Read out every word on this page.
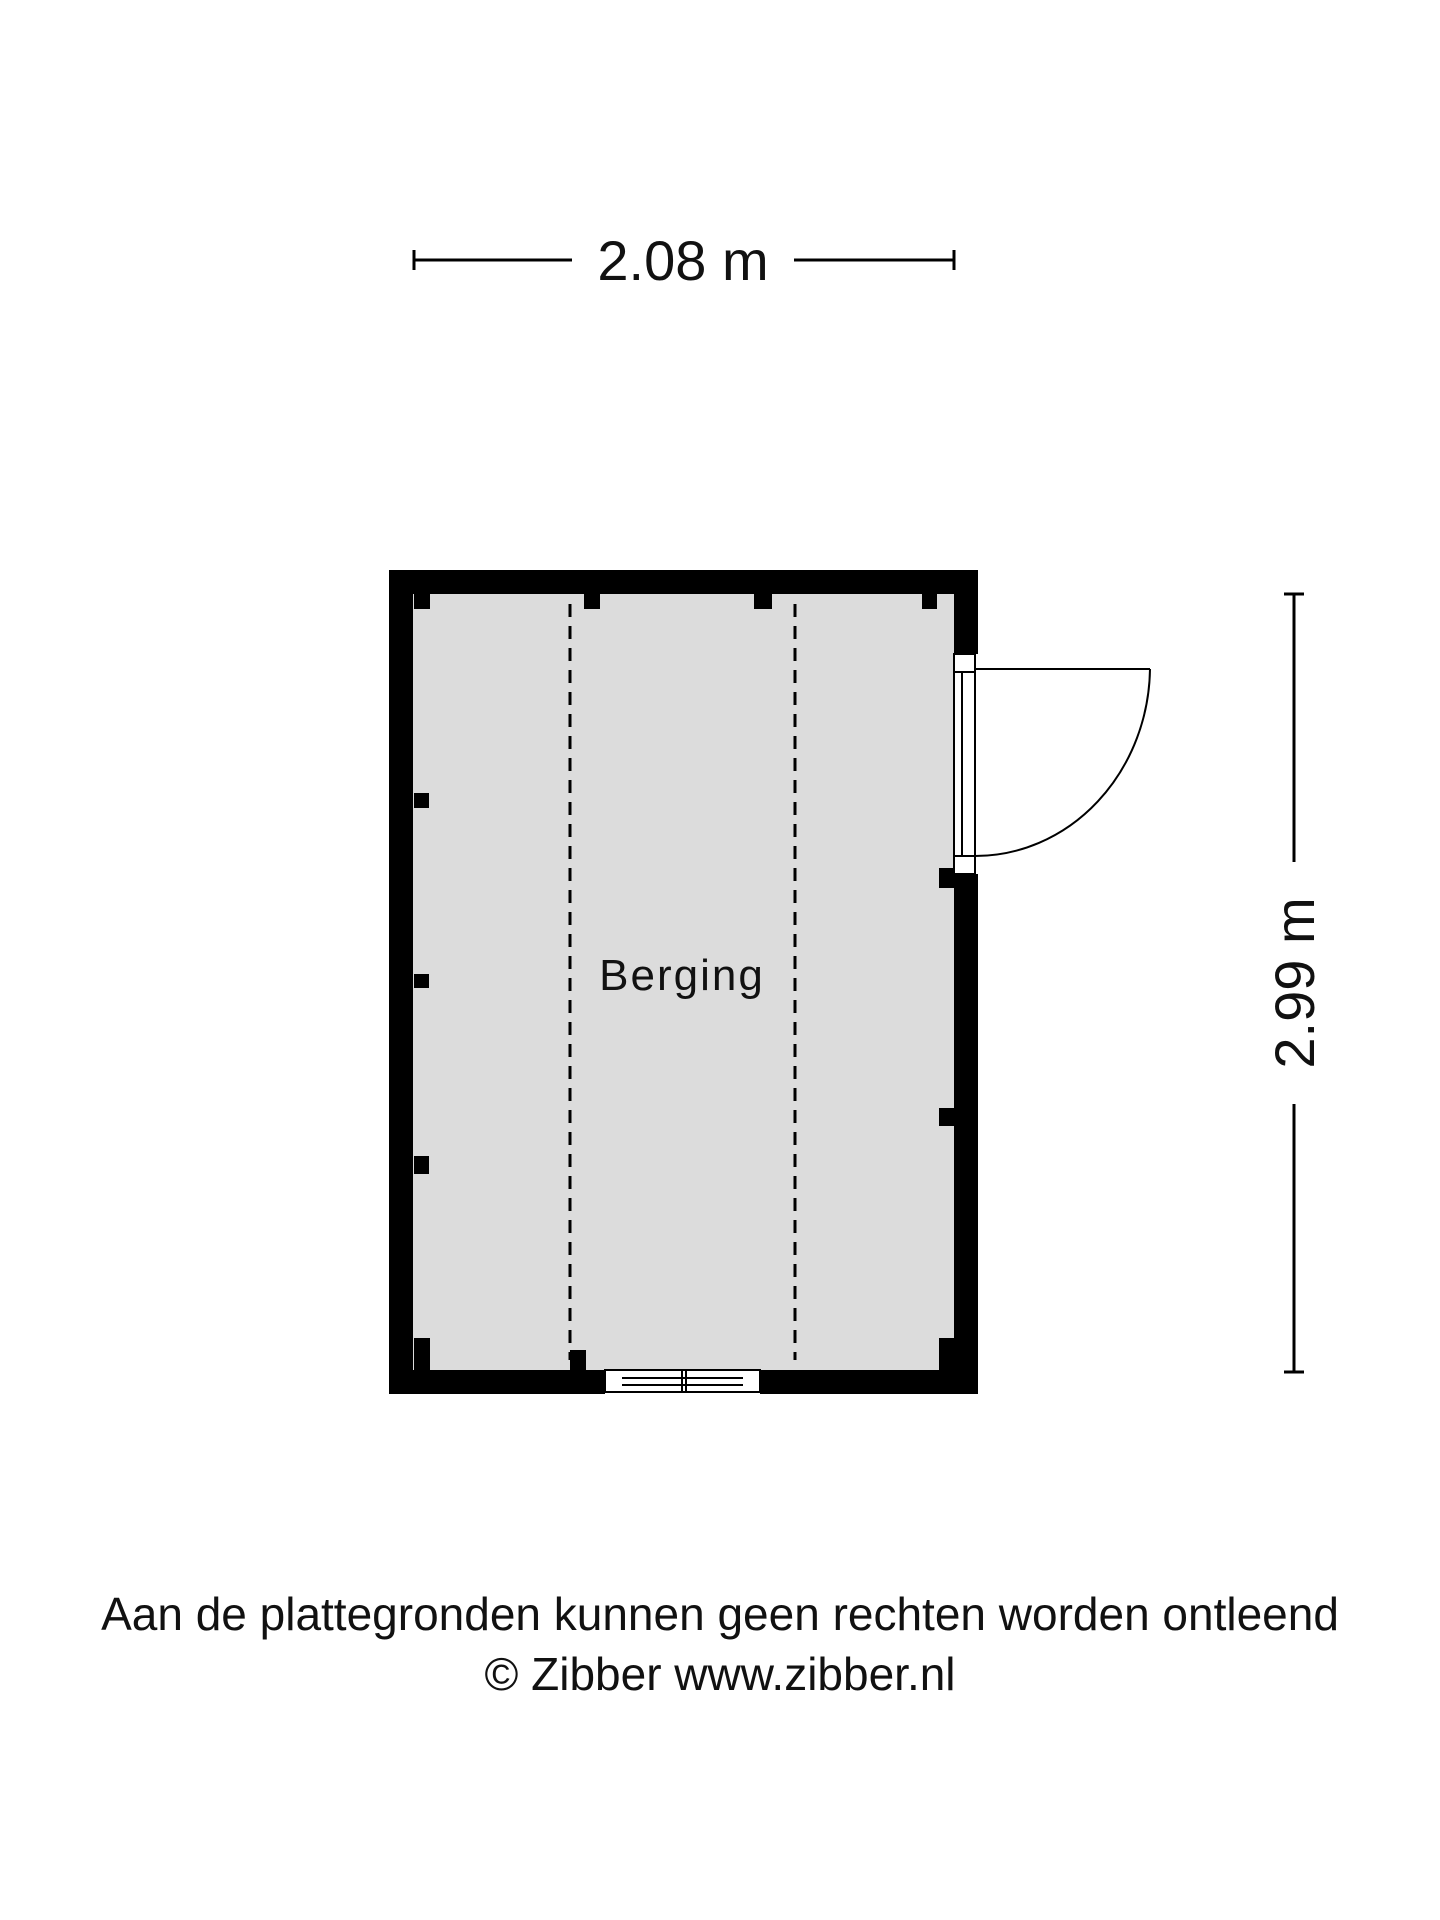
2.08 m
2.99 m
Berging
Aan de plattegronden kunnen geen rechten worden ontleend
© Zibber www.zibber.nl
